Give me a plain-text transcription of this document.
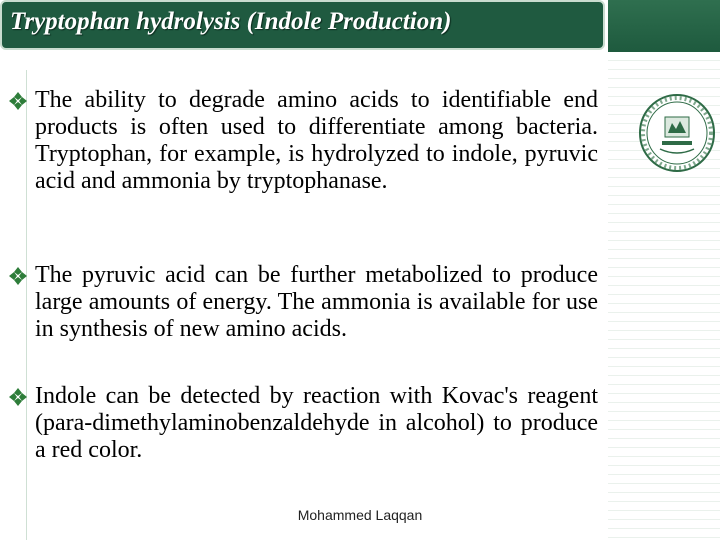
Tryptophan hydrolysis (Indole Production)
The ability to degrade amino acids to identifiable end products is often used to differentiate among bacteria. Tryptophan, for example, is hydrolyzed to indole, pyruvic acid and ammonia by tryptophanase.
The pyruvic acid can be further metabolized to produce large amounts of energy. The ammonia is available for use in synthesis of new amino acids.
Indole can be detected by reaction with Kovac's reagent (para-dimethylaminobenzaldehyde in alcohol) to produce a red color.
Mohammed Laqqan
